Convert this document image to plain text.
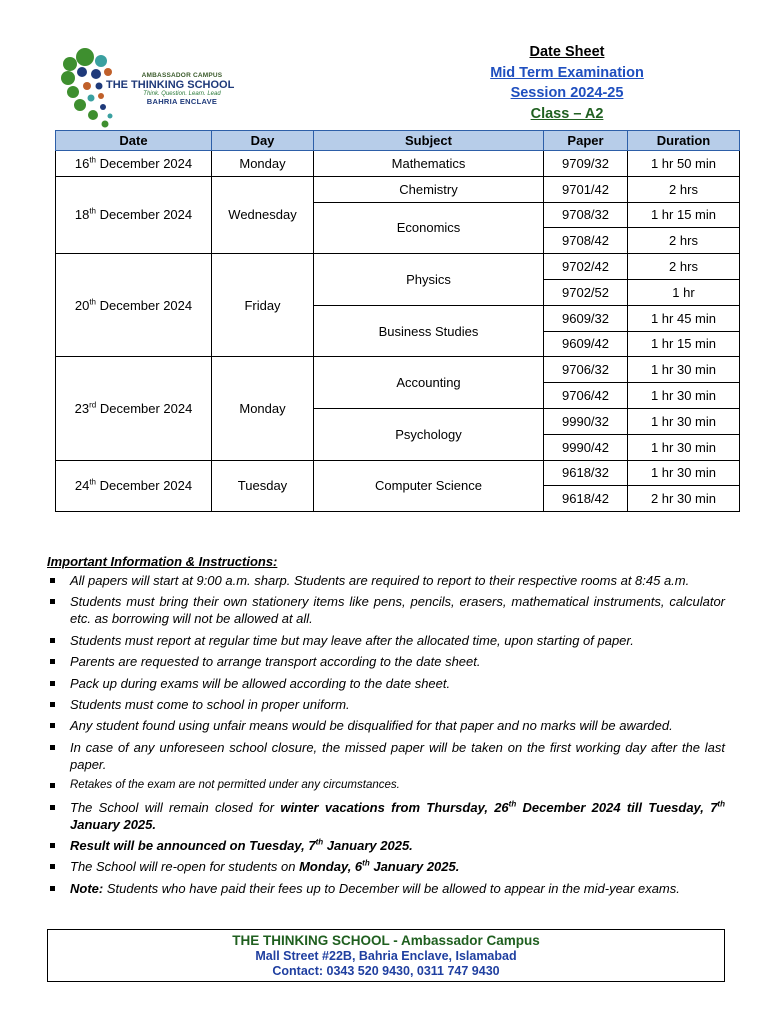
AMBASSADOR CAMPUS
THE THINKING SCHOOL
Think. Question. Learn. Lead
BAHRIA ENCLAVE
Date Sheet
Mid Term Examination
Session 2024-25
Class – A2
Date	Day	Subject	Paper	Duration
16th December 2024	Monday	Mathematics	9709/32	1 hr 50 min
18th December 2024	Wednesday	Chemistry	9701/42	2 hrs
		Economics	9708/32	1 hr 15 min
			9708/42	2 hrs
20th December 2024	Friday	Physics	9702/42	2 hrs
			9702/52	1 hr
		Business Studies	9609/32	1 hr 45 min
			9609/42	1 hr 15 min
23rd December 2024	Monday	Accounting	9706/32	1 hr 30 min
			9706/42	1 hr 30 min
		Psychology	9990/32	1 hr 30 min
			9990/42	1 hr 30 min
24th December 2024	Tuesday	Computer Science	9618/32	1 hr 30 min
			9618/42	2 hr 30 min
Important Information & Instructions:
All papers will start at 9:00 a.m. sharp. Students are required to report to their respective rooms at 8:45 a.m.
Students must bring their own stationery items like pens, pencils, erasers, mathematical instruments, calculator etc. as borrowing will not be allowed at all.
Students must report at regular time but may leave after the allocated time, upon starting of paper.
Parents are requested to arrange transport according to the date sheet.
Pack up during exams will be allowed according to the date sheet.
Students must come to school in proper uniform.
Any student found using unfair means would be disqualified for that paper and no marks will be awarded.
In case of any unforeseen school closure, the missed paper will be taken on the first working day after the last paper.
Retakes of the exam are not permitted under any circumstances.
The School will remain closed for winter vacations from Thursday, 26th December 2024 till Tuesday, 7th January 2025.
Result will be announced on Tuesday, 7th January 2025.
The School will re-open for students on Monday, 6th January 2025.
Note: Students who have paid their fees up to December will be allowed to appear in the mid-year exams.
THE THINKING SCHOOL - Ambassador Campus
Mall Street #22B, Bahria Enclave, Islamabad
Contact: 0343 520 9430, 0311 747 9430
